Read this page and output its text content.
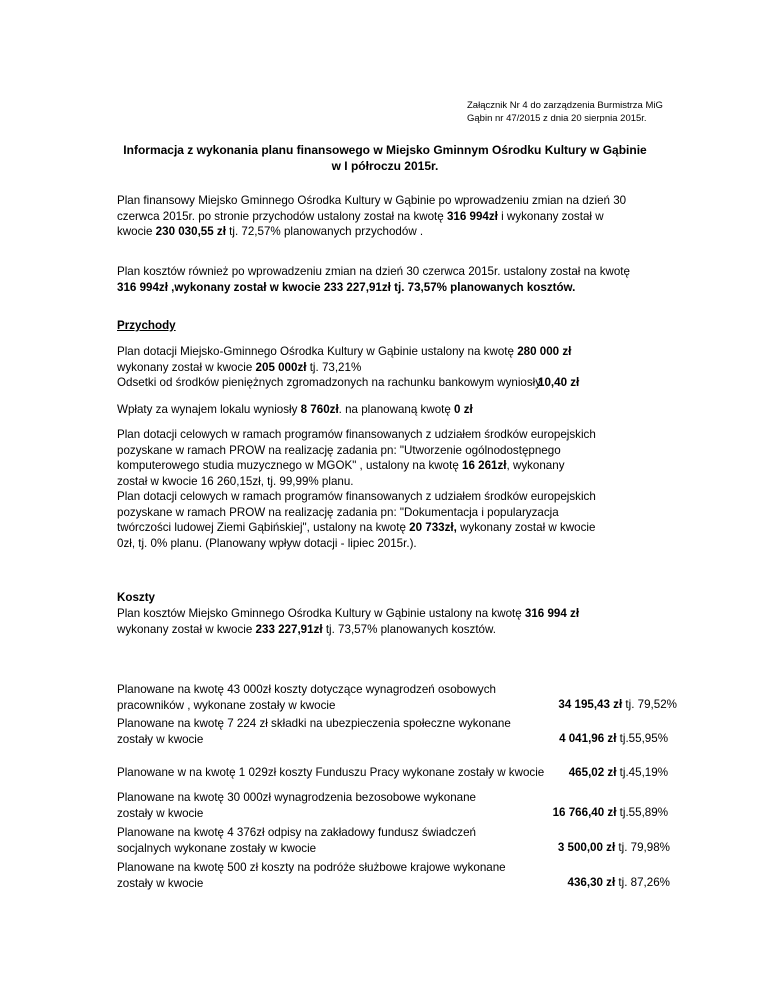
Załącznik Nr 4 do zarządzenia Burmistrza MiG

Gąbin nr 47/2015 z dnia 20 sierpnia 2015r.

Informacja z wykonania planu finansowego w Miejsko Gminnym Ośrodku Kultury w Gąbinie

w I półroczu 2015r.

Plan finansowy Miejsko Gminnego Ośrodka Kultury w Gąbinie po wprowadzeniu zmian na dzień 30 czerwca 2015r. po stronie przychodów ustalony został na kwotę 316 994zł i wykonany został w kwocie 230 030,55 zł tj. 72,57% planowanych przychodów .

Plan kosztów również po wprowadzeniu zmian na dzień 30 czerwca 2015r. ustalony został na kwotę 316 994zł ,wykonany został w kwocie 233 227,91zł tj. 73,57% planowanych kosztów.

Przychody

Plan dotacji Miejsko-Gminnego Ośrodka Kultury w Gąbinie ustalony na kwotę 280 000 zł
wykonany został w kwocie 205 000zł tj. 73,21%

Odsetki od środków pieniężnych zgromadzonych na rachunku bankowym wyniosły
10,40 zł

Wpłaty za wynajem lokalu wyniosły 8 760zł. na planowaną kwotę 0 zł

Plan dotacji celowych w ramach programów finansowanych z udziałem środków europejskich pozyskane w ramach PROW na realizację zadania pn: "Utworzenie ogólnodostępnego komputerowego studia muzycznego w MGOK" , ustalony na kwotę 16 261zł, wykonany został w kwocie 16 260,15zł, tj. 99,99% planu.

Plan dotacji celowych w ramach programów finansowanych z udziałem środków europejskich pozyskane w ramach PROW na realizację zadania pn: "Dokumentacja i popularyzacja twórczości ludowej Ziemi Gąbińskiej", ustalony na kwotę 20 733zł, wykonany został w kwocie 0zł, tj. 0% planu. (Planowany wpływ dotacji - lipiec 2015r.).

Koszty

Plan kosztów Miejsko Gminnego Ośrodka Kultury w Gąbinie ustalony na kwotę 316 994 zł
wykonany został w kwocie 233 227,91zł tj. 73,57% planowanych kosztów.

Planowane na kwotę 43 000zł koszty dotyczące wynagrodzeń osobowych pracowników , wykonane zostały w kwocie	34 195,43 zł tj. 79,52%

Planowane na kwotę 7 224 zł składki na ubezpieczenia społeczne wykonane zostały w kwocie	4 041,96 zł tj.55,95%

Planowane w na kwotę 1 029zł koszty Funduszu Pracy wykonane zostały w kwocie 465,02 zł tj.45,19%

Planowane na kwotę 30 000zł wynagrodzenia bezosobowe wykonane zostały w kwocie	16 766,40 zł tj.55,89%

Planowane na kwotę 4 376zł odpisy na zakładowy fundusz świadczeń socjalnych wykonane zostały w kwocie	3 500,00 zł tj. 79,98%

Planowane na kwotę 500 zł koszty na podróże służbowe krajowe wykonane zostały w kwocie	436,30 zł tj. 87,26%
